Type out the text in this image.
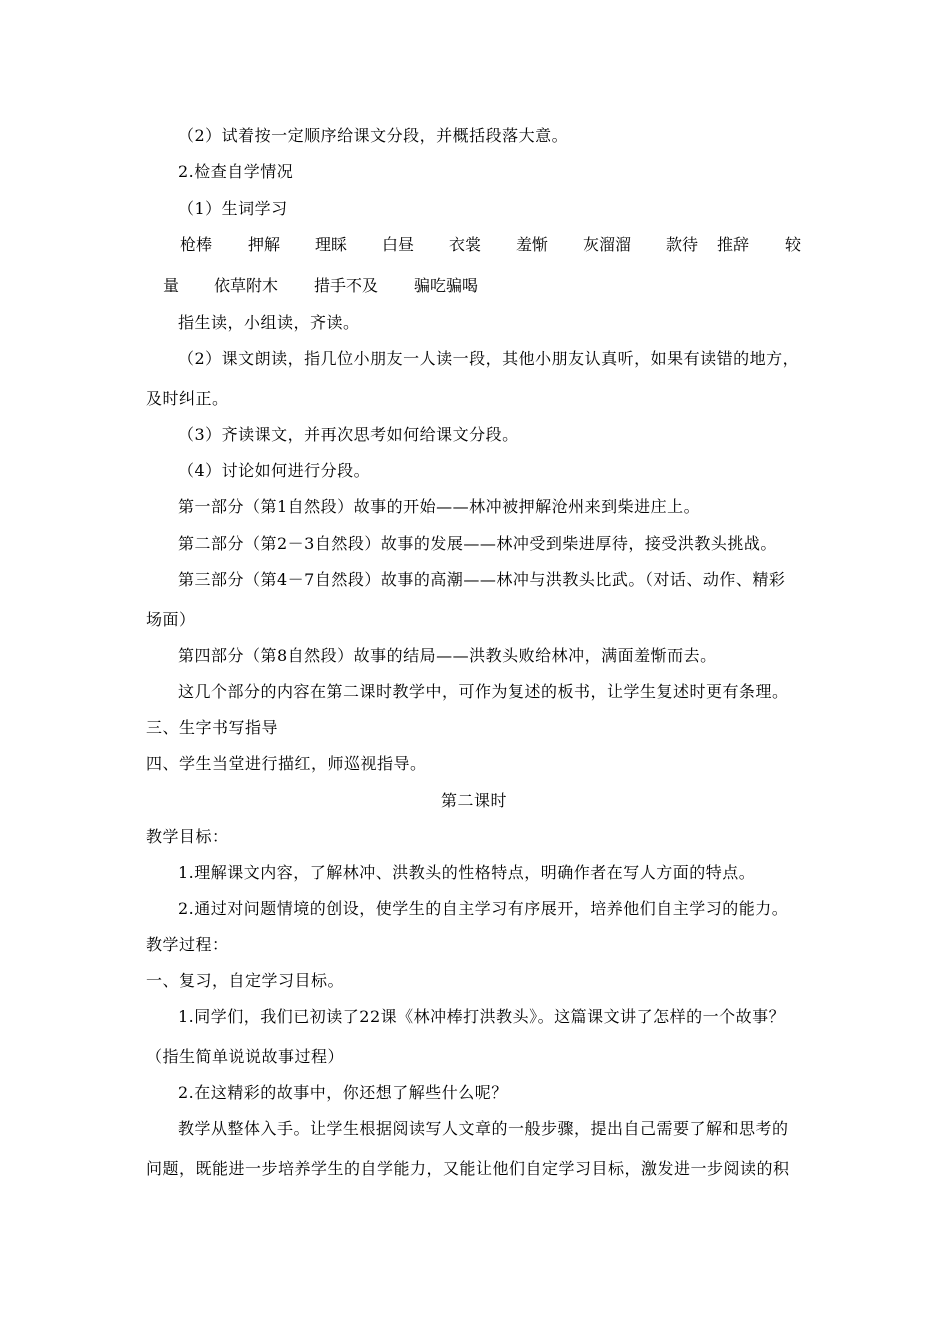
（2）试着按一定顺序给课文分段，并概括段落大意。
2.检查自学情况
（1）生词学习
枪棒 押解 理睬 白昼 衣裳 羞惭 灰溜溜 款待 推辞 较
量 依草附木 措手不及 骗吃骗喝
指生读，小组读，齐读。
（2）课文朗读，指几位小朋友一人读一段，其他小朋友认真听，如果有读错的地方，
及时纠正。
（3）齐读课文，并再次思考如何给课文分段。
（4）讨论如何进行分段。
第一部分（第1自然段）故事的开始——林冲被押解沧州来到柴进庄上。
第二部分（第2－3自然段）故事的发展——林冲受到柴进厚待，接受洪教头挑战。
第三部分（第4－7自然段）故事的高潮——林冲与洪教头比武。（对话、动作、精彩
场面）
第四部分（第8自然段）故事的结局——洪教头败给林冲，满面羞惭而去。
这几个部分的内容在第二课时教学中，可作为复述的板书，让学生复述时更有条理。
三、生字书写指导
四、学生当堂进行描红，师巡视指导。
第二课时
教学目标：
1.理解课文内容，了解林冲、洪教头的性格特点，明确作者在写人方面的特点。
2.通过对问题情境的创设，使学生的自主学习有序展开，培养他们自主学习的能力。
教学过程：
一、复习，自定学习目标。
1.同学们，我们已初读了22课《林冲棒打洪教头》。这篇课文讲了怎样的一个故事？
（指生简单说说故事过程）
2.在这精彩的故事中，你还想了解些什么呢？
教学从整体入手。让学生根据阅读写人文章的一般步骤，提出自己需要了解和思考的
问题，既能进一步培养学生的自学能力，又能让他们自定学习目标，激发进一步阅读的积
